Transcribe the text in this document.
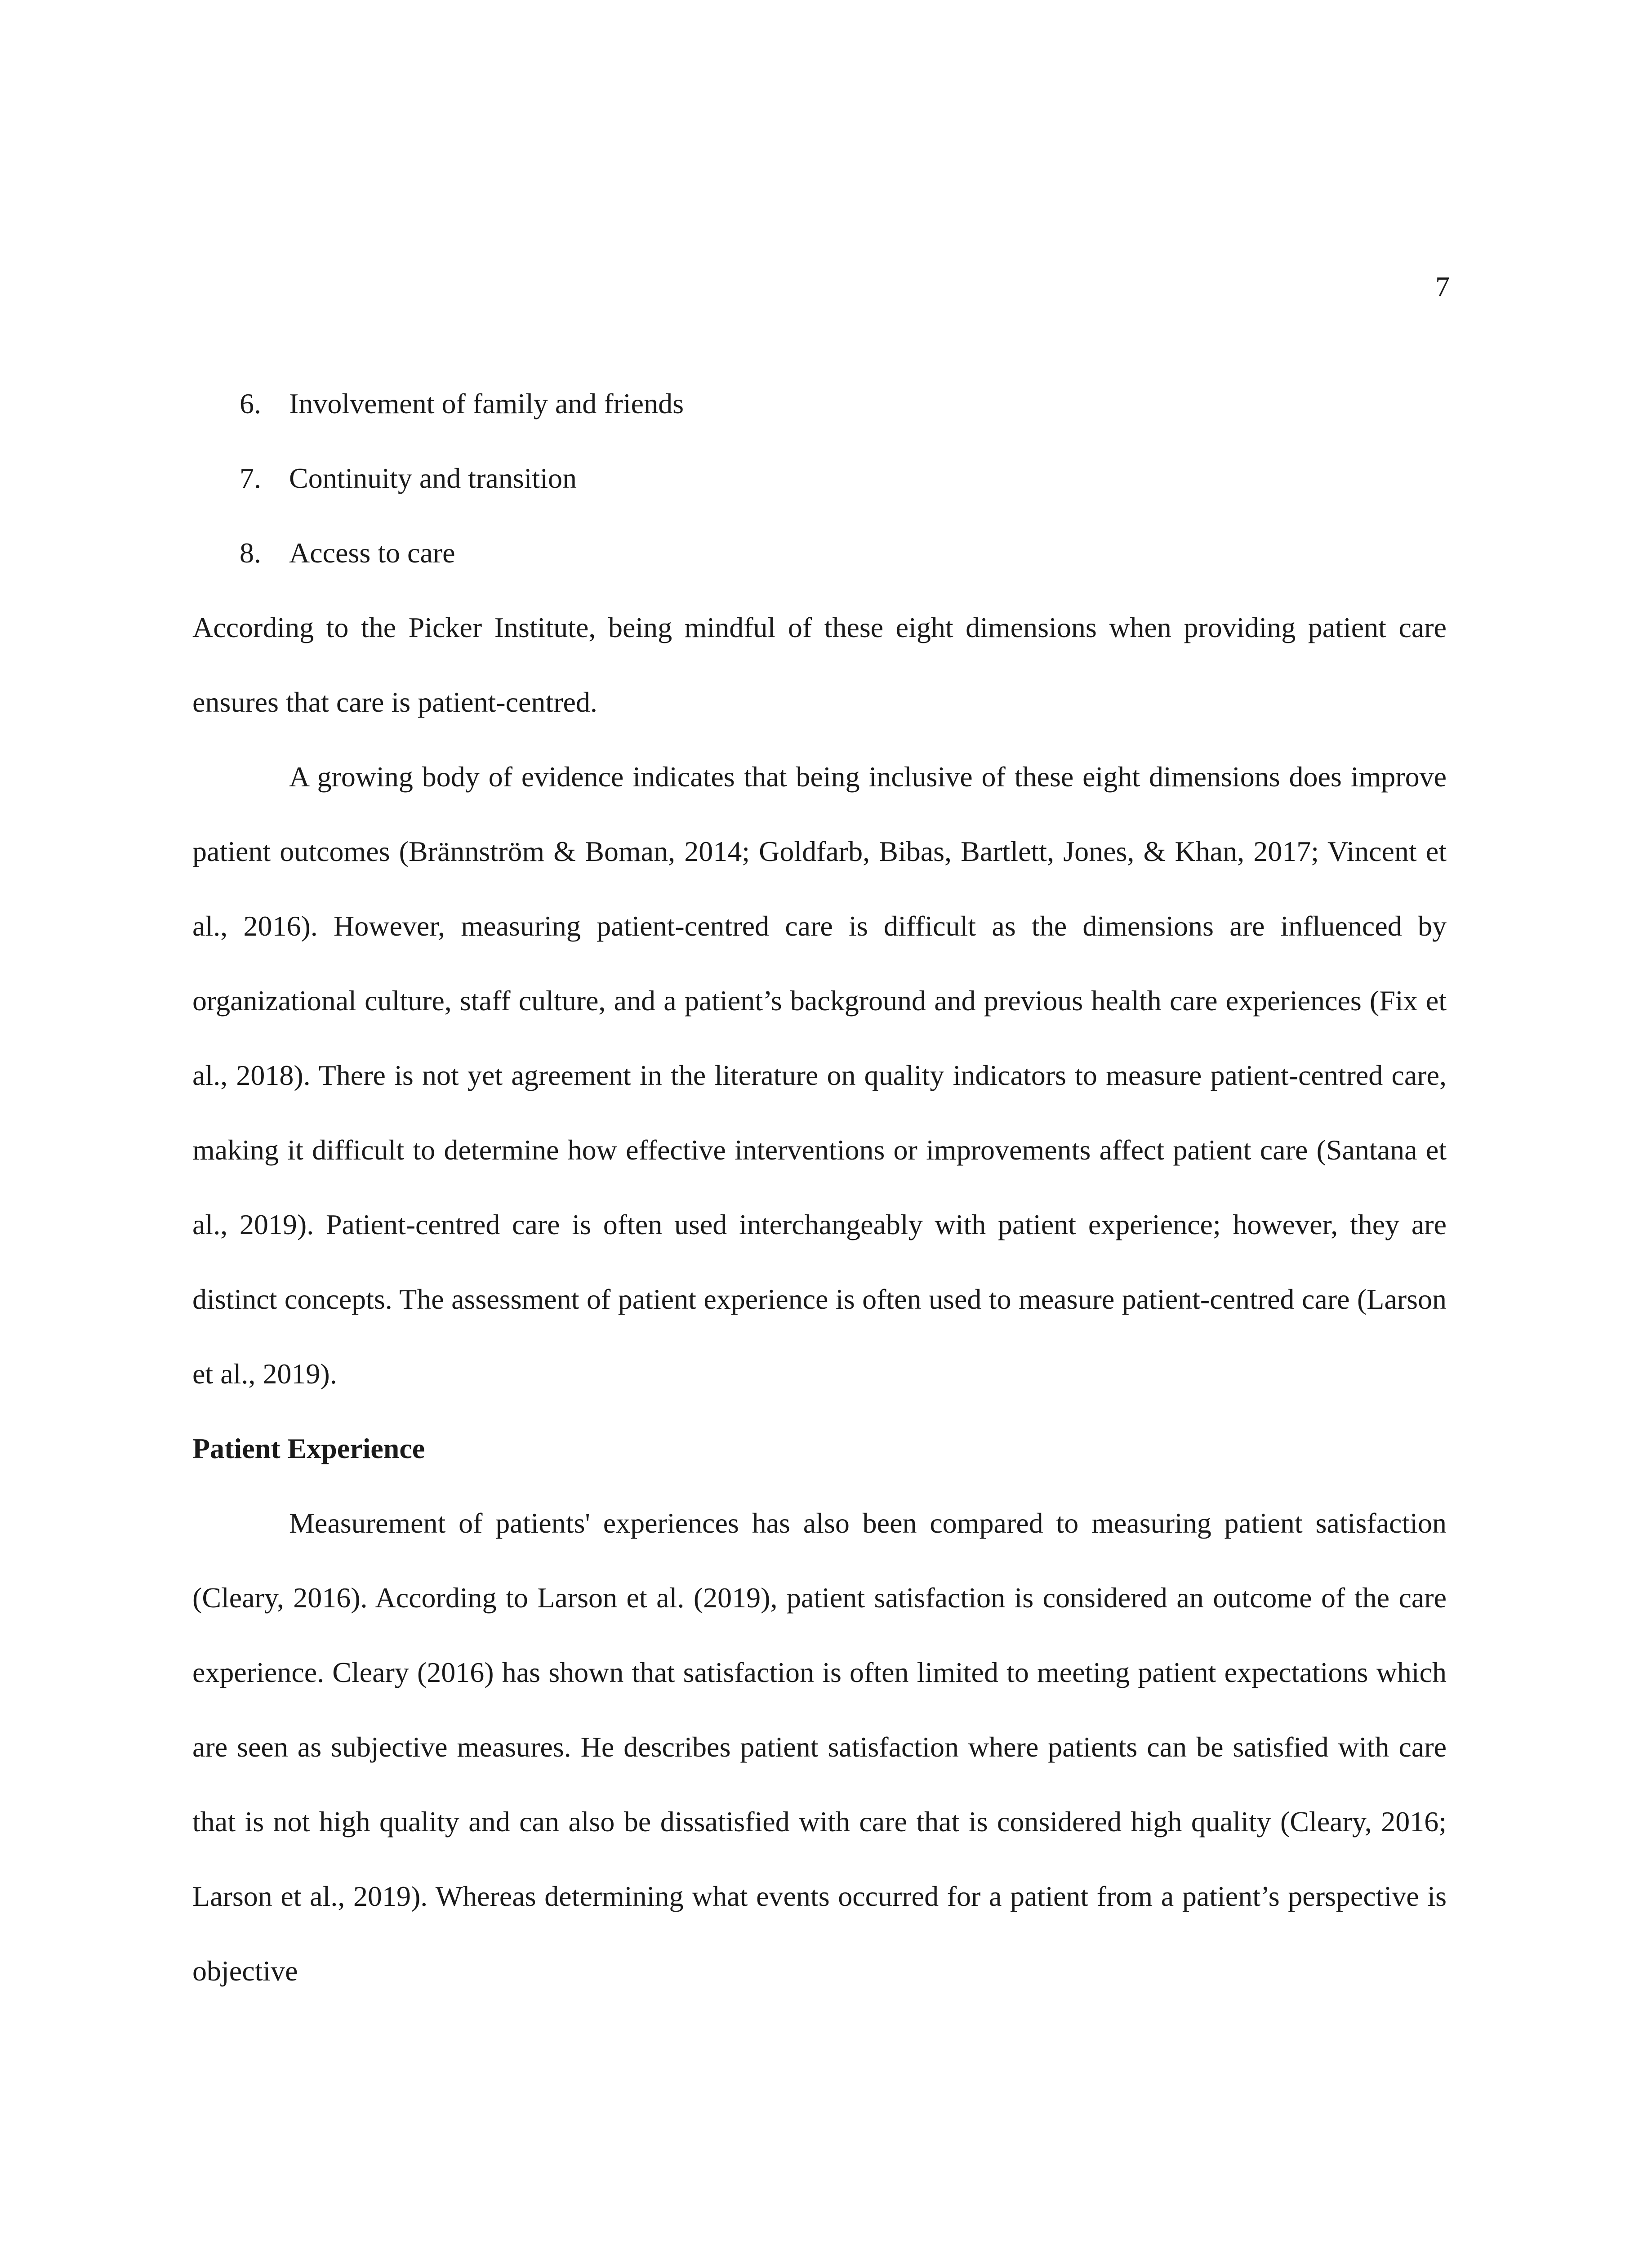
7
6. Involvement of family and friends
7. Continuity and transition
8. Access to care

According to the Picker Institute, being mindful of these eight dimensions when providing patient care ensures that care is patient-centred.

A growing body of evidence indicates that being inclusive of these eight dimensions does improve patient outcomes (Brännström & Boman, 2014; Goldfarb, Bibas, Bartlett, Jones, & Khan, 2017; Vincent et al., 2016). However, measuring patient-centred care is difficult as the dimensions are influenced by organizational culture, staff culture, and a patient’s background and previous health care experiences (Fix et al., 2018). There is not yet agreement in the literature on quality indicators to measure patient-centred care, making it difficult to determine how effective interventions or improvements affect patient care (Santana et al., 2019). Patient-centred care is often used interchangeably with patient experience; however, they are distinct concepts. The assessment of patient experience is often used to measure patient-centred care (Larson et al., 2019).

Patient Experience

Measurement of patients' experiences has also been compared to measuring patient satisfaction (Cleary, 2016). According to Larson et al. (2019), patient satisfaction is considered an outcome of the care experience. Cleary (2016) has shown that satisfaction is often limited to meeting patient expectations which are seen as subjective measures. He describes patient satisfaction where patients can be satisfied with care that is not high quality and can also be dissatisfied with care that is considered high quality (Cleary, 2016; Larson et al., 2019). Whereas determining what events occurred for a patient from a patient’s perspective is objective
